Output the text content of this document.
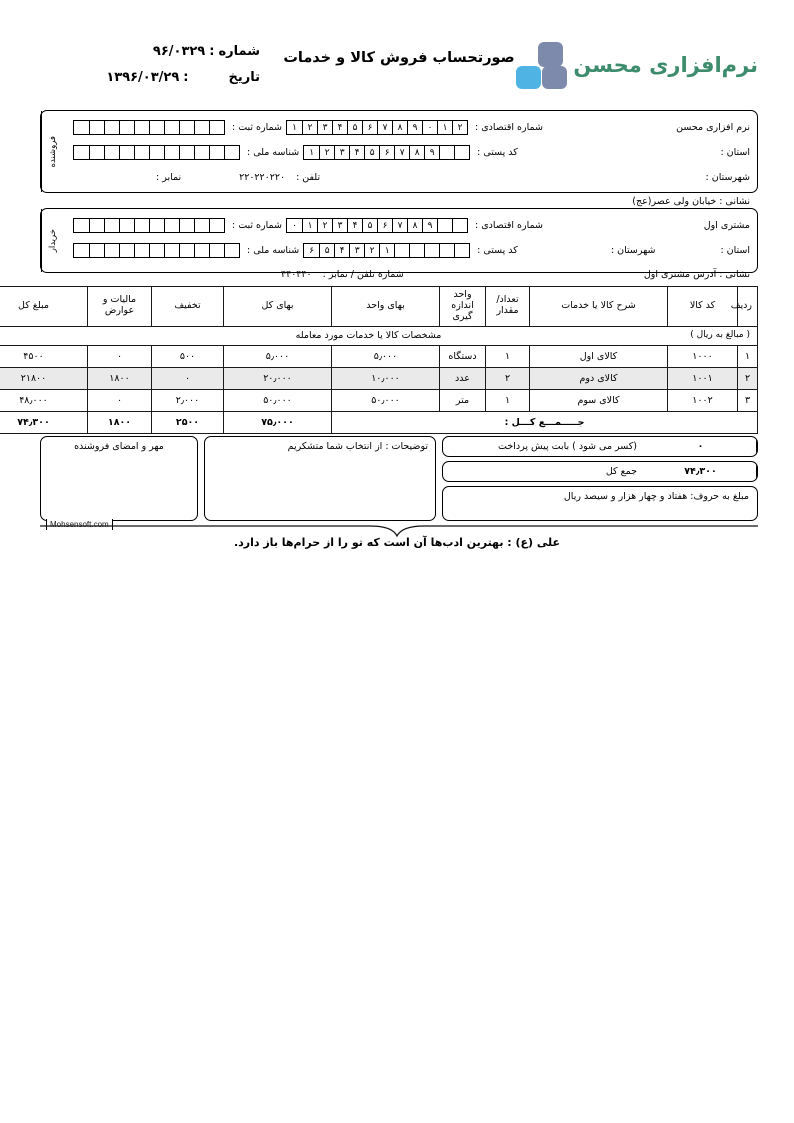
نرم‌افزارى محسن
صورتحساب فروش کالا و خدمات
شماره
:
۹۶/۰۳۲۹
تاریخ
:
۱۳۹۶/۰۳/۲۹
فروشنده
نرم افزاری محسن
شماره اقتصادی
:
۲
۱
۰
۹
۸
۷
۶
۵
۴
۳
۲
۱
شماره ثبت
:
استان
:
کد پستی
:
۹
۸
۷
۶
۵
۴
۳
۲
۱
شناسه ملی
:
شهرستان
:
تلفن
:
۲۲۰۲۲۰۲۲۰
نمابر
:
نشانی
:
خیابان ولی عصر(عج)
خریدار
مشتری اول
شماره اقتصادی
:
۹
۸
۷
۶
۵
۴
۳
۲
۱
۰
شماره ثبت
:
استان
:
شهرستان
:
کد پستی
:
۱
۲
۳
۴
۵
۶
شناسه ملی
:
نشانی
:
آدرس مشتری اول
شماره تلفن / نمابر
:
۴۴۰۴۴۰
( مبالغ به ریال )
مشخصات کالا یا خدمات مورد معامله									

ردیف	کد کالا	شرح کالا یا خدمات	تعداد/ مقدار	واحد اندازه گیری	بهای واحد	بهای کل	تخفیف	مالیات و عوارض	مبلغ کل
۱	۱۰۰۰	کالای اول	۱	دستگاه	۵٫۰۰۰	۵٫۰۰۰	۵۰۰	۰	۴۵۰۰
۲	۱۰۰۱	کالای دوم	۲	عدد	۱۰٫۰۰۰	۲۰٫۰۰۰	۰	۱۸۰۰	۲۱۸۰۰
۳	۱۰۰۲	کالای سوم	۱	متر	۵۰٫۰۰۰	۵۰٫۰۰۰	۲٫۰۰۰	۰	۴۸٫۰۰۰
جـــــمـــع کـــل :						۷۵٫۰۰۰	۲۵۰۰	۱۸۰۰	۷۴٫۳۰۰
مهر و امضای فروشنده	توضیحات : از انتخاب شما متشکریم	(کسر می شود ) بابت پیش پرداخت	۰
جمع کل	۷۴٫۳۰۰
مبلغ به حروف: هفتاد و چهار هزار و سیصد ریال
Mohsensoft.com
علی (ع) : بهترین ادب‌ها آن است که تو را از حرام‌ها باز دارد.
